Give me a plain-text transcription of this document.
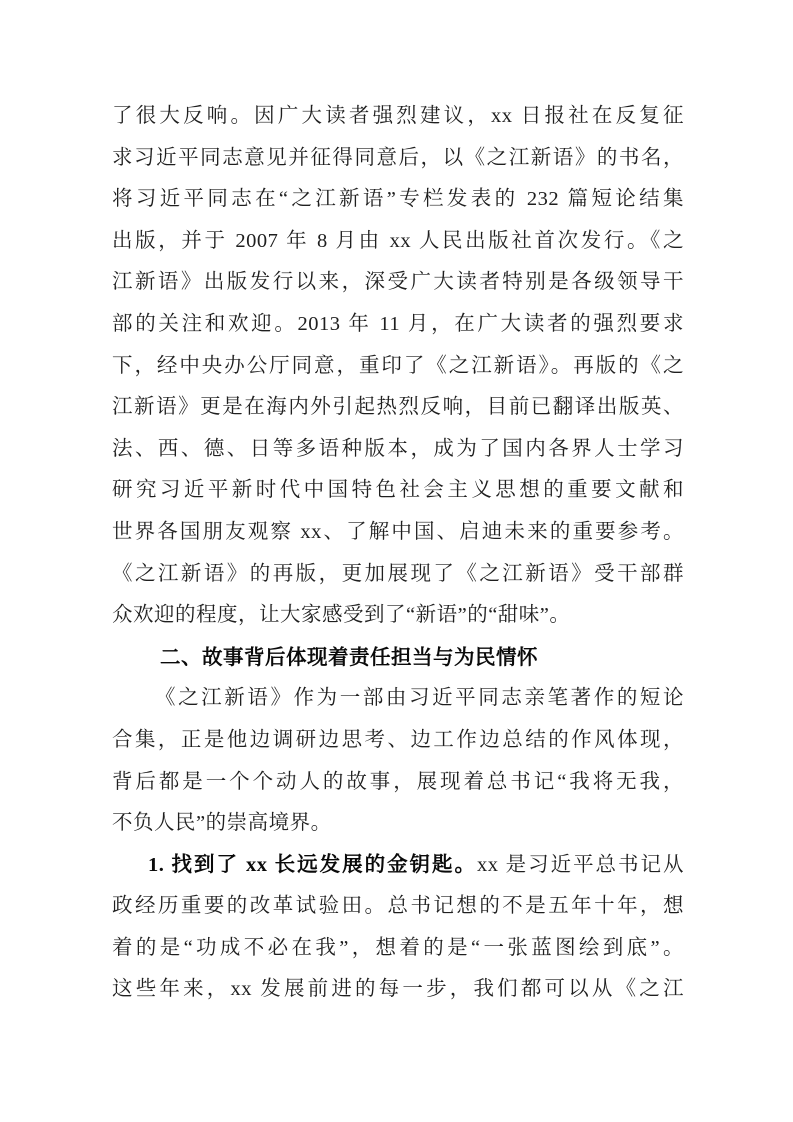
了很大反响。因广大读者强烈建议，xx 日报社在反复征
求习近平同志意见并征得同意后，以《之江新语》的书名，
将习近平同志在“之江新语”专栏发表的 232 篇短论结集
出版，并于 2007 年 8 月由 xx 人民出版社首次发行。《之
江新语》出版发行以来，深受广大读者特别是各级领导干
部的关注和欢迎。2013 年 11 月，在广大读者的强烈要求
下，经中央办公厅同意，重印了《之江新语》。再版的《之
江新语》更是在海内外引起热烈反响，目前已翻译出版英、
法、西、德、日等多语种版本，成为了国内各界人士学习
研究习近平新时代中国特色社会主义思想的重要文献和
世界各国朋友观察 xx、了解中国、启迪未来的重要参考。
《之江新语》的再版，更加展现了《之江新语》受干部群
众欢迎的程度，让大家感受到了“新语”的“甜味”。
二、故事背后体现着责任担当与为民情怀
《之江新语》作为一部由习近平同志亲笔著作的短论
合集，正是他边调研边思考、边工作边总结的作风体现，
背后都是一个个动人的故事，展现着总书记“我将无我，
不负人民”的崇高境界。
1. 找到了 xx 长远发展的金钥匙。xx 是习近平总书记从
政经历重要的改革试验田。总书记想的不是五年十年，想
着的是“功成不必在我”，想着的是“一张蓝图绘到底”。
这些年来，xx 发展前进的每一步，我们都可以从《之江
